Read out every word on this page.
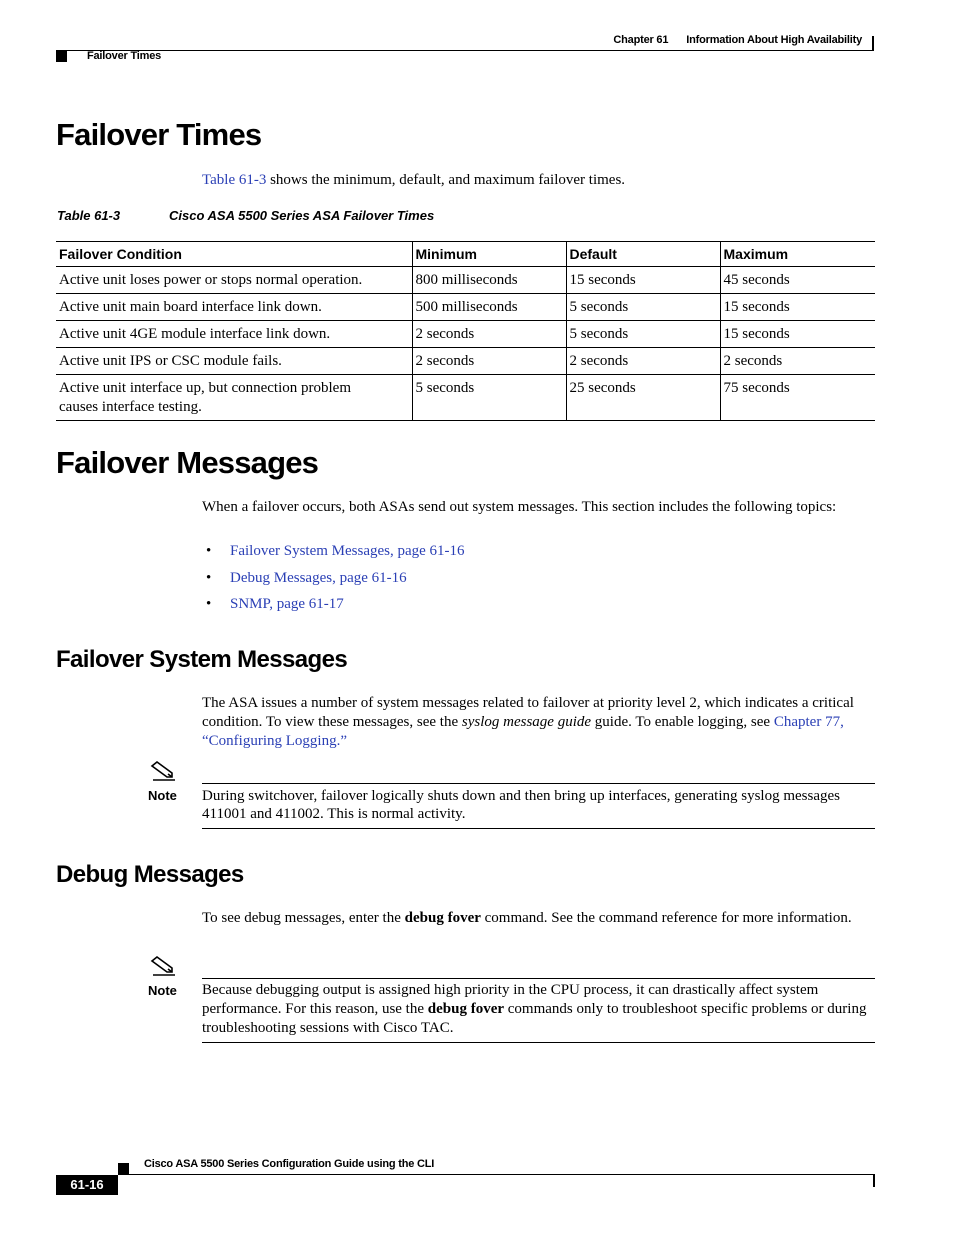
Chapter 61 Information About High Availability
Failover Times
Failover Times
Table 61-3 shows the minimum, default, and maximum failover times.
Table 61-3	Cisco ASA 5500 Series ASA Failover Times
Failover Condition	Minimum	Default	Maximum
Active unit loses power or stops normal operation.	800 milliseconds	15 seconds	45 seconds
Active unit main board interface link down.	500 milliseconds	5 seconds	15 seconds
Active unit 4GE module interface link down.	2 seconds	5 seconds	15 seconds
Active unit IPS or CSC module fails.	2 seconds	2 seconds	2 seconds
Active unit interface up, but connection problem causes interface testing.	5 seconds	25 seconds	75 seconds
Failover Messages
When a failover occurs, both ASAs send out system messages. This section includes the following topics:
• Failover System Messages, page 61-16
• Debug Messages, page 61-16
• SNMP, page 61-17
Failover System Messages
The ASA issues a number of system messages related to failover at priority level 2, which indicates a critical condition. To view these messages, see the syslog message guide guide. To enable logging, see Chapter 77, “Configuring Logging.”
Note During switchover, failover logically shuts down and then bring up interfaces, generating syslog messages 411001 and 411002. This is normal activity.
Debug Messages
To see debug messages, enter the debug fover command. See the command reference for more information.
Note Because debugging output is assigned high priority in the CPU process, it can drastically affect system performance. For this reason, use the debug fover commands only to troubleshoot specific problems or during troubleshooting sessions with Cisco TAC.
Cisco ASA 5500 Series Configuration Guide using the CLI
61-16
